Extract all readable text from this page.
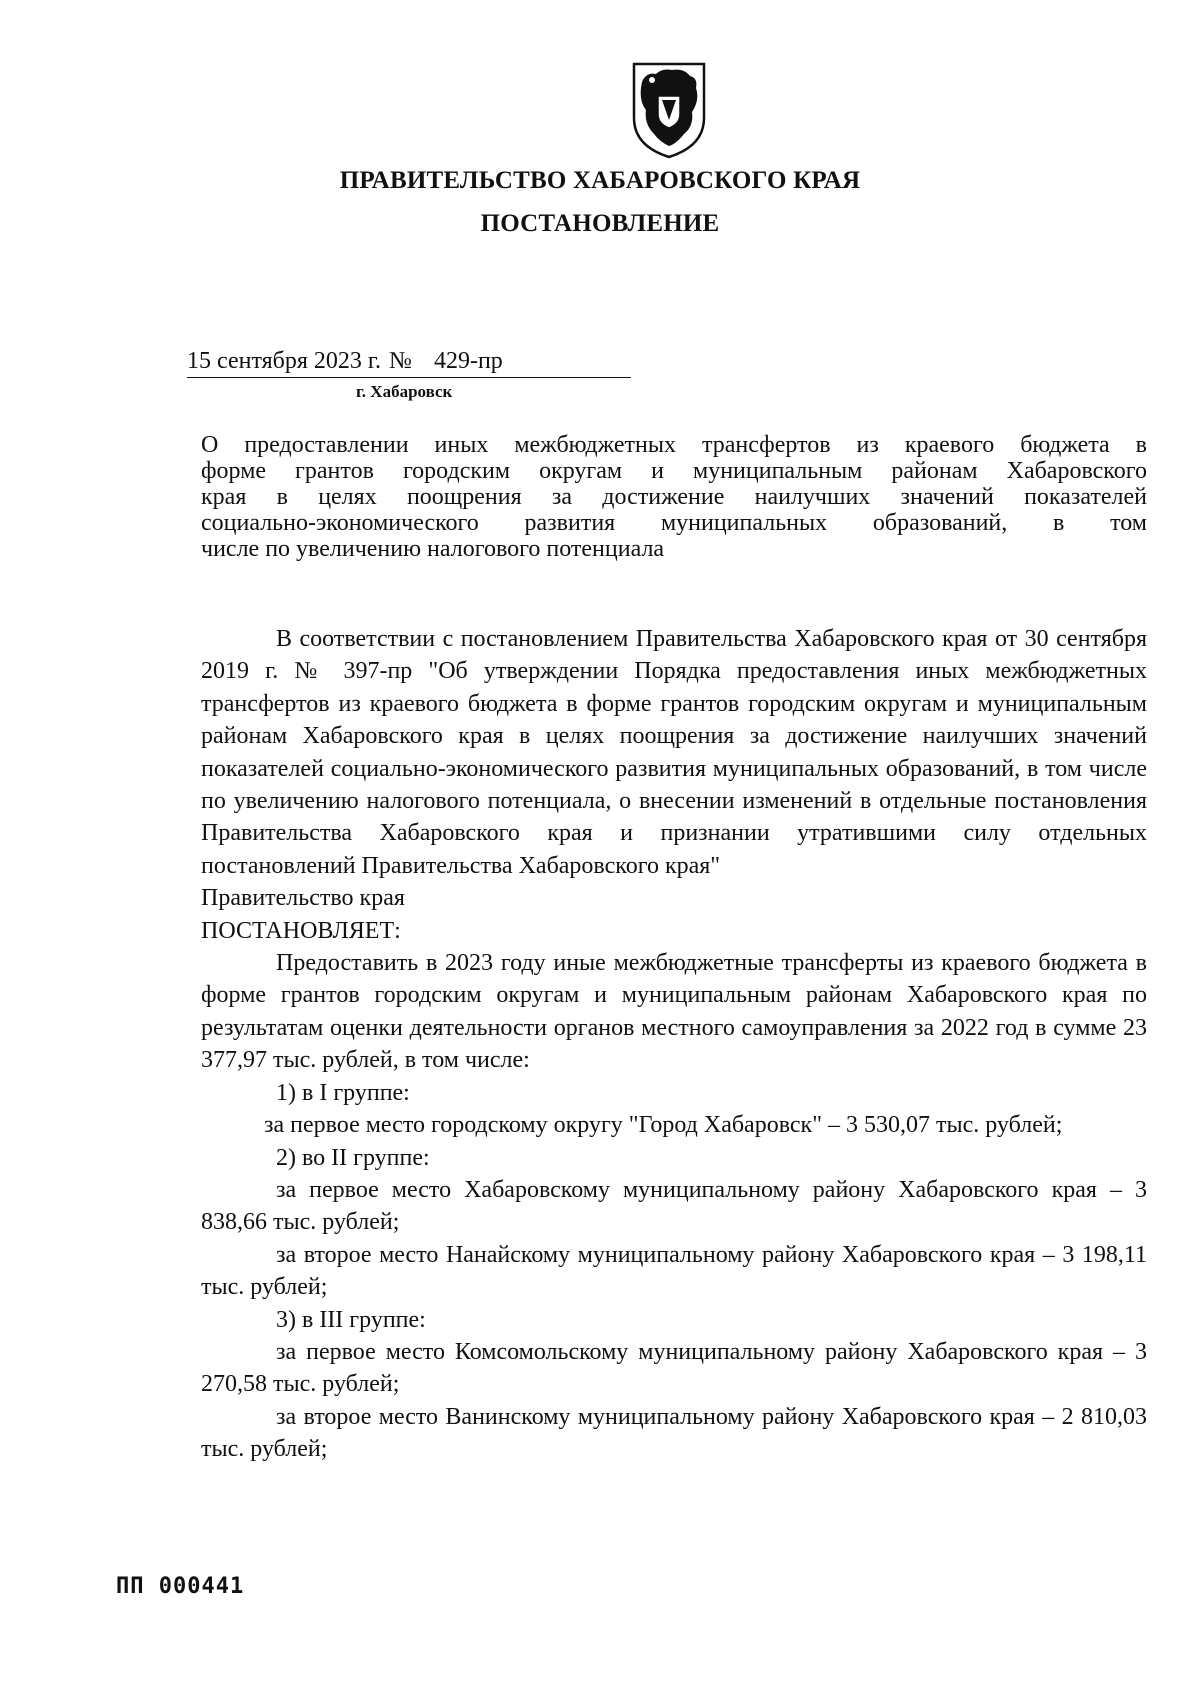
ПРАВИТЕЛЬСТВО ХАБАРОВСКОГО КРАЯ
ПОСТАНОВЛЕНИЕ
15 сентября 2023 г. № 429-пр
г. Хабаровск
О предоставлении иных межбюджетных трансфертов из краевого бюджета в
форме грантов городским округам и муниципальным районам Хабаровского
края в целях поощрения за достижение наилучших значений показателей
социально-экономического развития муниципальных образований, в том
числе по увеличению налогового потенциала

В соответствии с постановлением Правительства Хабаровского края от 30 сентября 2019 г. № 397-пр "Об утверждении Порядка предоставления иных межбюджетных трансфертов из краевого бюджета в форме грантов городским округам и муниципальным районам Хабаровского края в целях поощрения за достижение наилучших значений показателей социально-экономического развития муниципальных образований, в том числе по увеличению налогового потенциала, о внесении изменений в отдельные постановления Правительства Хабаровского края и признании утратившими силу отдельных постановлений Правительства Хабаровского края"

Правительство края

ПОСТАНОВЛЯЕТ:

Предоставить в 2023 году иные межбюджетные трансферты из краевого бюджета в форме грантов городским округам и муниципальным районам Хабаровского края по результатам оценки деятельности органов местного самоуправления за 2022 год в сумме 23 377,97 тыс. рублей, в том числе:

1) в I группе:

за первое место городскому округу "Город Хабаровск" – 3 530,07 тыс. рублей;

2) во II группе:

за первое место Хабаровскому муниципальному району Хабаровского края – 3 838,66 тыс. рублей;

за второе место Нанайскому муниципальному району Хабаровского края – 3 198,11 тыс. рублей;

3) в III группе:

за первое место Комсомольскому муниципальному району Хабаровского края – 3 270,58 тыс. рублей;

за второе место Ванинскому муниципальному району Хабаровского края – 2 810,03 тыс. рублей;

ПП 000441
